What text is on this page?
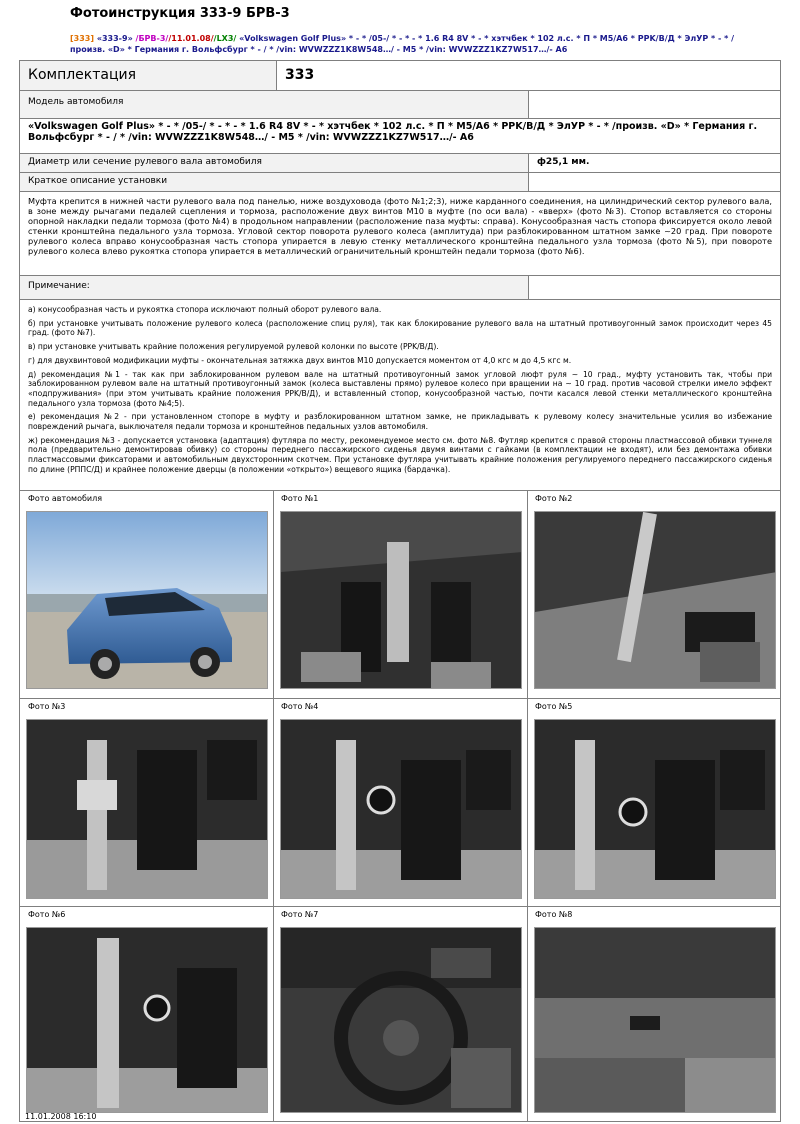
Фотоинструкция 333-9 БРВ-3
[333] «333-9» /БРВ-3//11.01.08//LX3/ «Volkswagen Golf Plus» * - * /05-/ * - * - * 1.6 R4 8V * - * хэтчбек * 102 л.с. * П * M5/A6 * PPK/B/Д * ЭлУР * - * /произв. «D» * Германия г. Вольфсбург * - / * /vin: WVWZZZ1K8W548…/ - M5 * /vin: WVWZZZ1KZ7W517…/- A6
Комплектация	333
Модель автомобиля
«Volkswagen Golf Plus» * - * /05-/ * - * - * 1.6 R4 8V * - * хэтчбек * 102 л.с. * П * M5/A6 * PPK/B/Д * ЭлУР * - * /произв. «D» * Германия г. Вольфсбург * - / * /vin: WVWZZZ1K8W548…/ - M5 * /vin: WVWZZZ1KZ7W517…/- A6
Диаметр или сечение рулевого вала автомобиля	ф25,1 мм.
Краткое описание установки
Муфта крепится в нижней части рулевого вала под панелью, ниже воздуховода (фото №1;2;3), ниже карданного соединения, на цилиндрический сектор рулевого вала, в зоне между рычагами педалей сцепления и тормоза, расположение двух винтов М10 в муфте (по оси вала) - «вверх» (фото №3). Стопор вставляется со стороны опорной накладки педали тормоза (фото №4) в продольном направлении (расположение паза муфты: справа). Конусообразная часть стопора фиксируется около левой стенки кронштейна педального узла тормоза. Угловой сектор поворота рулевого колеса (амплитуда) при разблокированном штатном замке ~20 град. При повороте рулевого колеса вправо конусообразная часть стопора упирается в левую стенку металлического кронштейна педального узла тормоза (фото №5), при повороте рулевого колеса влево рукоятка стопора упирается в металлический ограничительный кронштейн педали тормоза (фото №6).
Примечание:
а) конусообразная часть и рукоятка стопора исключают полный оборот рулевого вала.
б) при установке учитывать положение рулевого колеса (расположение спиц руля), так как блокирование рулевого вала на штатный противоугонный замок происходит через 45 град. (фото №7).
в) при установке учитывать крайние положения регулируемой рулевой колонки по высоте (PPK/B/Д).
г) для двухвинтовой модификации муфты - окончательная затяжка двух винтов М10 допускается моментом от 4,0 кгс м до 4,5 кгс м.
д) рекомендация №1 - так как при заблокированном рулевом вале на штатный противоугонный замок угловой люфт руля ~ 10 град., муфту установить так, чтобы при заблокированном рулевом вале на штатный противоугонный замок (колеса выставлены прямо) рулевое колесо при вращении на ~ 10 град. против часовой стрелки имело эффект «подпруживания» (при этом учитывать крайние положения PPK/B/Д), и вставленный стопор, конусообразной частью, почти касался левой стенки металлического кронштейна педального узла тормоза (фото №4;5).
е) рекомендация №2 - при установленном стопоре в муфту и разблокированном штатном замке, не прикладывать к рулевому колесу значительные усилия во избежание повреждений рычага, выключателя педали тормоза и кронштейнов педальных узлов автомобиля.
ж) рекомендация №3 - допускается установка (адаптация) футляра по месту, рекомендуемое место см. фото №8. Футляр крепится с правой стороны пластмассовой обивки туннеля пола (предварительно демонтировав обивку) со стороны переднего пассажирского сиденья двумя винтами с гайками (в комплектации не входят), или без демонтажа обивки пластмассовыми фиксаторами и автомобильным двухсторонним скотчем. При установке футляра учитывать крайние положения регулируемого переднего пассажирского сиденья по длине (РППС/Д) и крайнее положение дверцы (в положении «открыто») вещевого ящика (бардачка).
Фото автомобиля	Фото №1	Фото №2
Фото №3	Фото №4	Фото №5
Фото №6	Фото №7	Фото №8
11.01.2008 16:10
